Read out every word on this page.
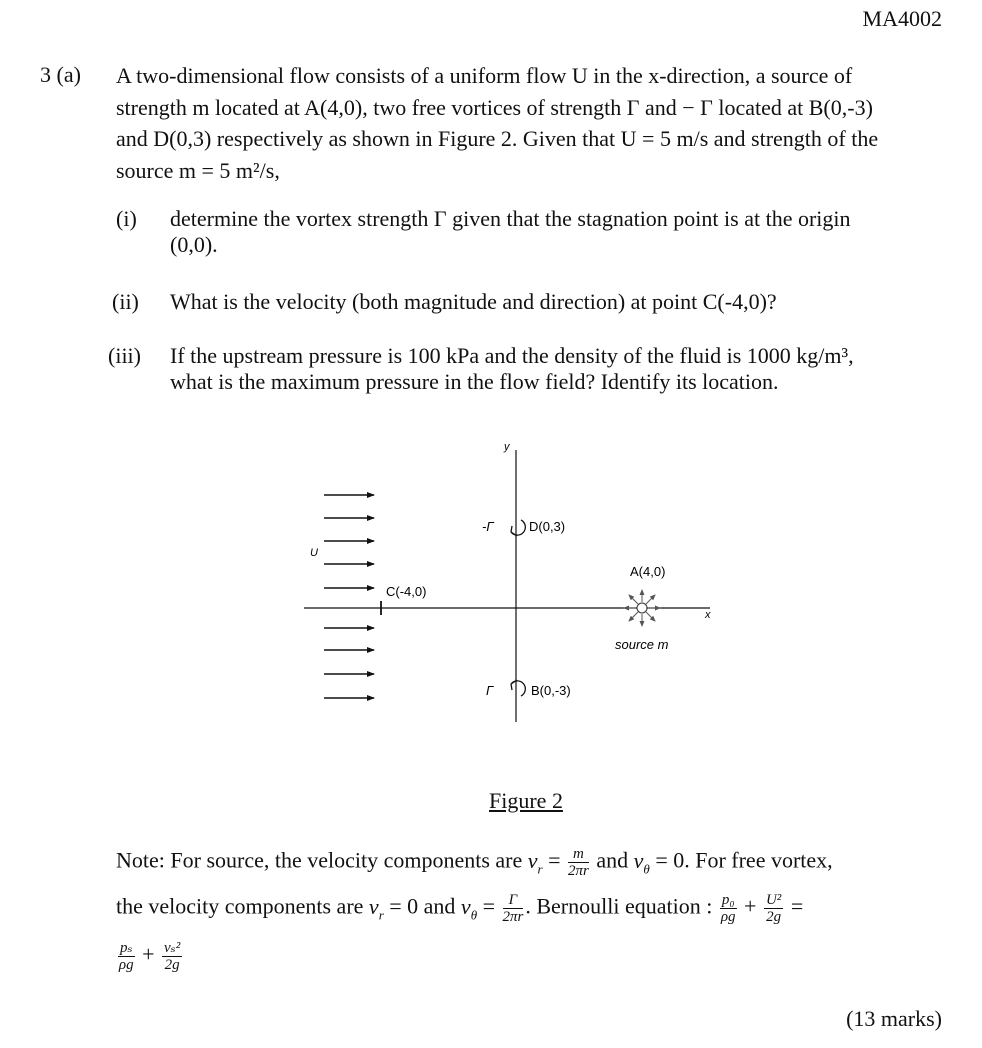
MA4002
3 (a) A two-dimensional flow consists of a uniform flow U in the x-direction, a source of
strength m located at A(4,0), two free vortices of strength Γ and − Γ located at B(0,-3)
and D(0,3) respectively as shown in Figure 2. Given that U = 5 m/s and strength of the
source m = 5 m²/s,
(i) determine the vortex strength Γ given that the stagnation point is at the origin
(0,0).
(ii) What is the velocity (both magnitude and direction) at point C(-4,0)?
(iii) If the upstream pressure is 100 kPa and the density of the fluid is 1000 kg/m³,
what is the maximum pressure in the flow field? Identify its location.
y
x
U
C(-4,0)
-Γ	D(0,3)
Γ	B(0,-3)
A(4,0)
source m
Figure 2
Note: For source, the velocity components are $v_r = \frac{m}{2\pi r}$ and $v_\theta = 0$. For free vortex,
the velocity components are $v_r = 0$ and $v_\theta = \frac{\Gamma}{2\pi r}$ . Bernoulli equation : $\frac{\text{p₀}}{\rho g} + \frac{\text{U²}}{2g}$ =
$\frac{\text{pₛ}}{\rho g} + \frac{\text{vₛ²}}{2g}$
(13 marks)
